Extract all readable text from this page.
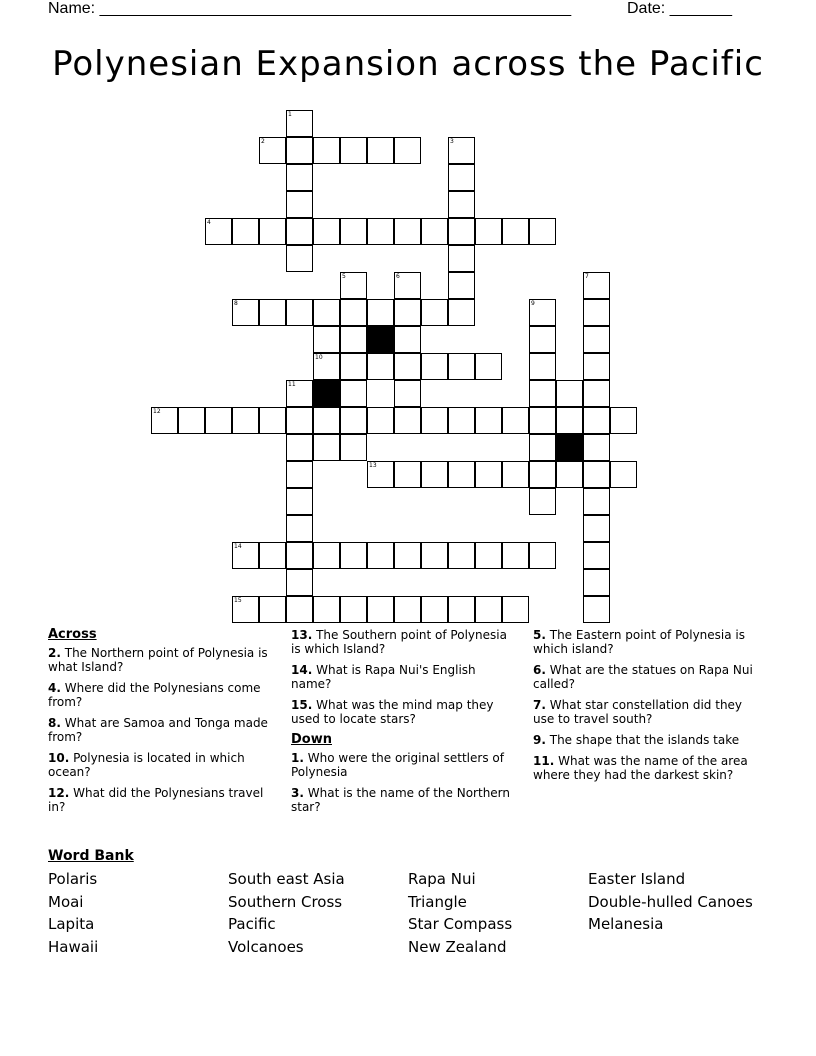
Name: _____________________________________________________	Date: _______
Polynesian Expansion across the Pacific
1
2	3
4
5	6	7
8	9
10
11
12
13
14
15
Across
2. The Northern point of Polynesia is what Island?
4. Where did the Polynesians come from?
8. What are Samoa and Tonga made from?
10. Polynesia is located in which ocean?
12. What did the Polynesians travel in?
13. The Southern point of Polynesia is which Island?
14. What is Rapa Nui's English name?
15. What was the mind map they used to locate stars?
Down
1. Who were the original settlers of Polynesia
3. What is the name of the Northern star?
5. The Eastern point of Polynesia is which island?
6. What are the statues on Rapa Nui called?
7. What star constellation did they use to travel south?
9. The shape that the islands take
11. What was the name of the area where they had the darkest skin?
Word Bank
Polaris
Moai
Lapita
Hawaii
South east Asia
Southern Cross
Pacific
Volcanoes
Rapa Nui
Triangle
Star Compass
New Zealand
Easter Island
Double-hulled Canoes
Melanesia
